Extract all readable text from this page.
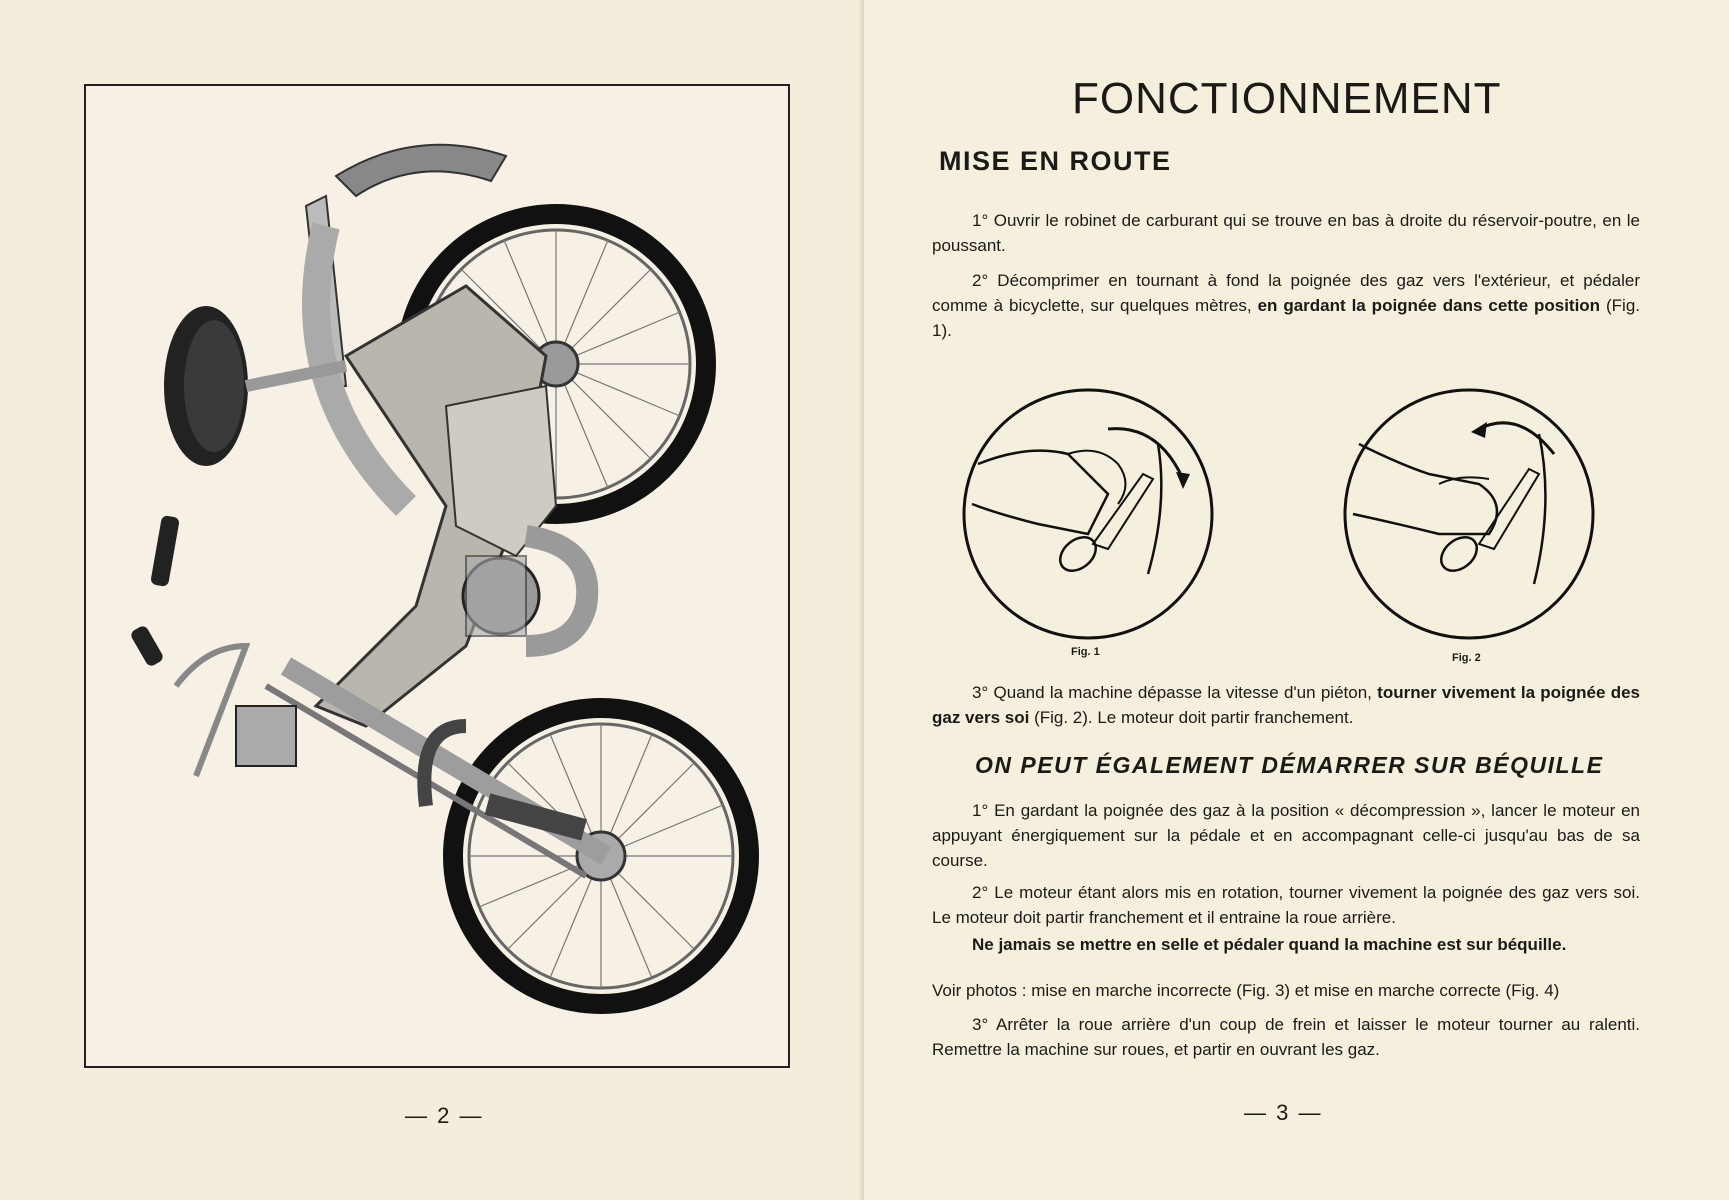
— 2 —
FONCTIONNEMENT
MISE EN ROUTE

1° Ouvrir le robinet de carburant qui se trouve en bas à droite du réservoir-poutre, en le poussant.

2° Décomprimer en tournant à fond la poignée des gaz vers l'extérieur, et pédaler comme à bicyclette, sur quelques mètres, en gardant la poignée dans cette position (Fig. 1).

Fig. 1	Fig. 2

3° Quand la machine dépasse la vitesse d'un piéton, tourner vivement la poignée des gaz vers soi (Fig. 2). Le moteur doit partir franchement.

ON PEUT ÉGALEMENT DÉMARRER SUR BÉQUILLE

1° En gardant la poignée des gaz à la position « décompression », lancer le moteur en appuyant énergiquement sur la pédale et en accompagnant celle-ci jusqu'au bas de sa course.

2° Le moteur étant alors mis en rotation, tourner vivement la poignée des gaz vers soi. Le moteur doit partir franchement et il entraine la roue arrière.

Ne jamais se mettre en selle et pédaler quand la machine est sur béquille.

Voir photos : mise en marche incorrecte (Fig. 3) et mise en marche correcte (Fig. 4)

3° Arrêter la roue arrière d'un coup de frein et laisser le moteur tourner au ralenti. Remettre la machine sur roues, et partir en ouvrant les gaz.

— 3 —
